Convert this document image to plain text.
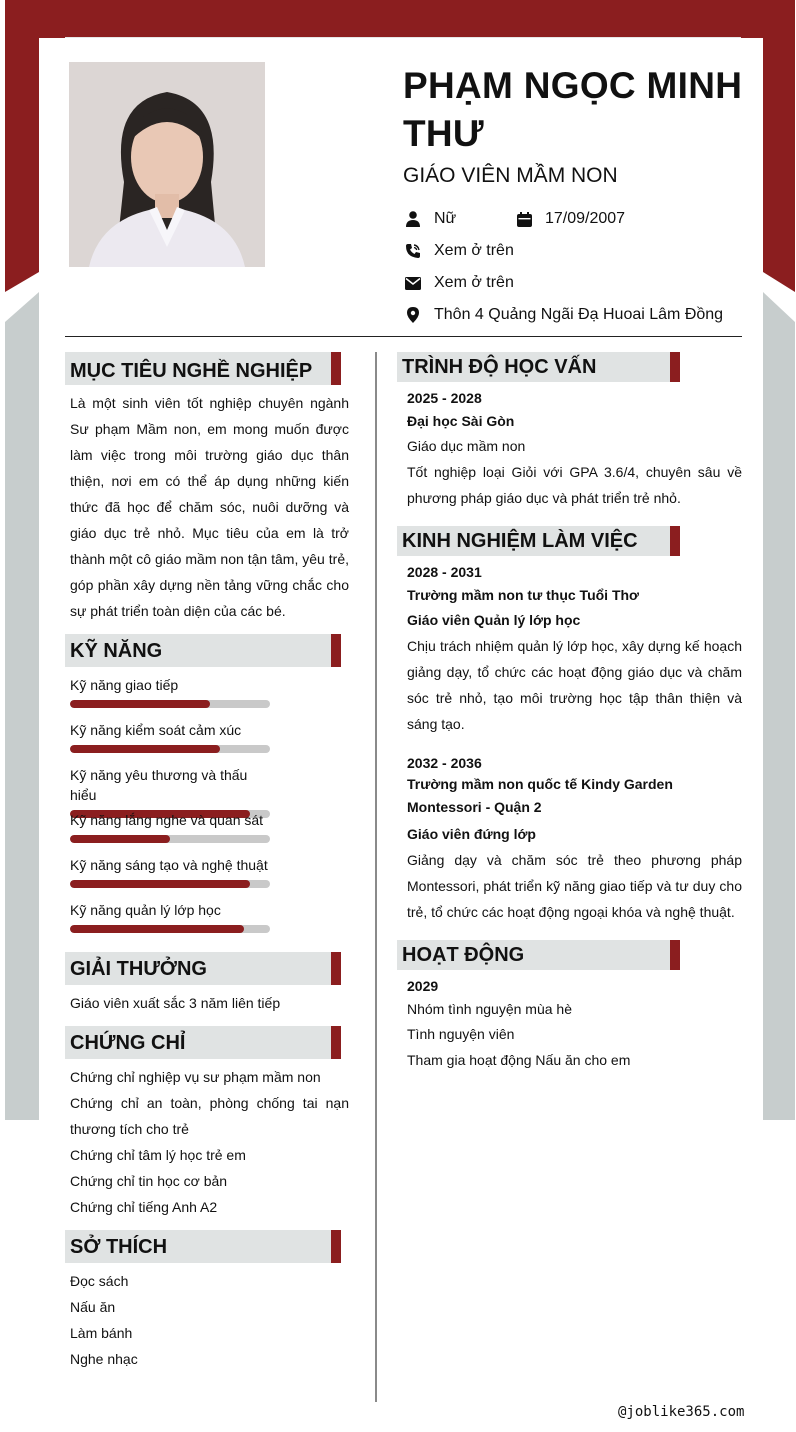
PHẠM NGỌC MINH THƯ
GIÁO VIÊN MẦM NON
Nữ	17/09/2007
Xem ở trên
Xem ở trên
Thôn 4 Quảng Ngãi Đạ Huoai Lâm Đồng
MỤC TIÊU NGHỀ NGHIỆP
Là một sinh viên tốt nghiệp chuyên ngành Sư phạm Mầm non, em mong muốn được làm việc trong môi trường giáo dục thân thiện, nơi em có thể áp dụng những kiến thức đã học để chăm sóc, nuôi dưỡng và giáo dục trẻ nhỏ. Mục tiêu của em là trở thành một cô giáo mầm non tận tâm, yêu trẻ, góp phần xây dựng nền tảng vững chắc cho sự phát triển toàn diện của các bé.
KỸ NĂNG
Kỹ năng giao tiếp
Kỹ năng kiểm soát cảm xúc
Kỹ năng yêu thương và thấu hiểu
Kỹ năng lắng nghe và quan sát
Kỹ năng sáng tạo và nghệ thuật
Kỹ năng quản lý lớp học
GIẢI THƯỞNG
Giáo viên xuất sắc 3 năm liên tiếp
CHỨNG CHỈ
Chứng chỉ nghiệp vụ sư phạm mầm non
Chứng chỉ an toàn, phòng chống tai nạn thương tích cho trẻ
Chứng chỉ tâm lý học trẻ em
Chứng chỉ tin học cơ bản
Chứng chỉ tiếng Anh A2
SỞ THÍCH
Đọc sách
Nấu ăn
Làm bánh
Nghe nhạc
TRÌNH ĐỘ HỌC VẤN
2025 - 2028
Đại học Sài Gòn
Giáo dục mầm non
Tốt nghiệp loại Giỏi với GPA 3.6/4, chuyên sâu về phương pháp giáo dục và phát triển trẻ nhỏ.
KINH NGHIỆM LÀM VIỆC
2028 - 2031
Trường mầm non tư thục Tuổi Thơ
Giáo viên Quản lý lớp học
Chịu trách nhiệm quản lý lớp học, xây dựng kế hoạch giảng dạy, tổ chức các hoạt động giáo dục và chăm sóc trẻ nhỏ, tạo môi trường học tập thân thiện và sáng tạo.
2032 - 2036
Trường mầm non quốc tế Kindy Garden Montessori - Quận 2
Giáo viên đứng lớp
Giảng dạy và chăm sóc trẻ theo phương pháp Montessori, phát triển kỹ năng giao tiếp và tư duy cho trẻ, tổ chức các hoạt động ngoại khóa và nghệ thuật.
HOẠT ĐỘNG
2029
Nhóm tình nguyện mùa hè
Tình nguyện viên
Tham gia hoạt động Nấu ăn cho em
@joblike365.com
